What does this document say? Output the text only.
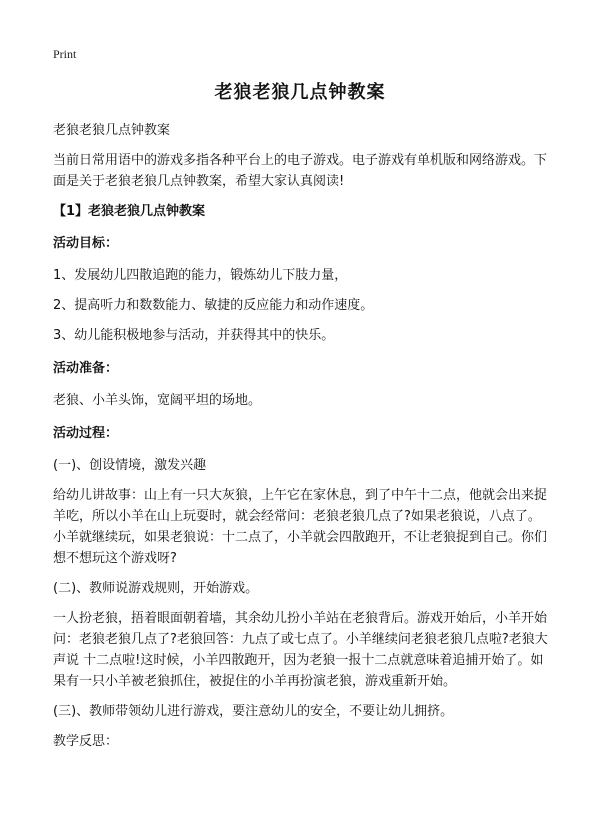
Print
老狼老狼几点钟教案

老狼老狼几点钟教案

当前日常用语中的游戏多指各种平台上的电子游戏。电子游戏有单机版和网络游戏。下面是关于老狼老狼几点钟教案，希望大家认真阅读!

【1】老狼老狼几点钟教案

活动目标：

1、发展幼儿四散追跑的能力，锻炼幼儿下肢力量，

2、提高听力和数数能力、敏捷的反应能力和动作速度。

3、幼儿能积极地参与活动，并获得其中的快乐。

活动准备：

老狼、小羊头饰，宽阔平坦的场地。

活动过程：

(一)、创设情境，激发兴趣

给幼儿讲故事：山上有一只大灰狼，上午它在家休息，到了中午十二点，他就会出来捉羊吃，所以小羊在山上玩耍时，就会经常问：老狼老狼几点了?如果老狼说，八点了。小羊就继续玩，如果老狼说：十二点了，小羊就会四散跑开，不让老狼捉到自己。你们想不想玩这个游戏呀?

(二)、教师说游戏规则，开始游戏。

一人扮老狼，捂着眼面朝着墙，其余幼儿扮小羊站在老狼背后。游戏开始后，小羊开始问：老狼老狼几点了?老狼回答：九点了或七点了。小羊继续问老狼老狼几点啦?老狼大声说 十二点啦!这时候，小羊四散跑开，因为老狼一报十二点就意味着追捕开始了。如果有一只小羊被老狼抓住，被捉住的小羊再扮演老狼，游戏重新开始。

(三)、教师带领幼儿进行游戏，要注意幼儿的安全，不要让幼儿拥挤。

教学反思：
